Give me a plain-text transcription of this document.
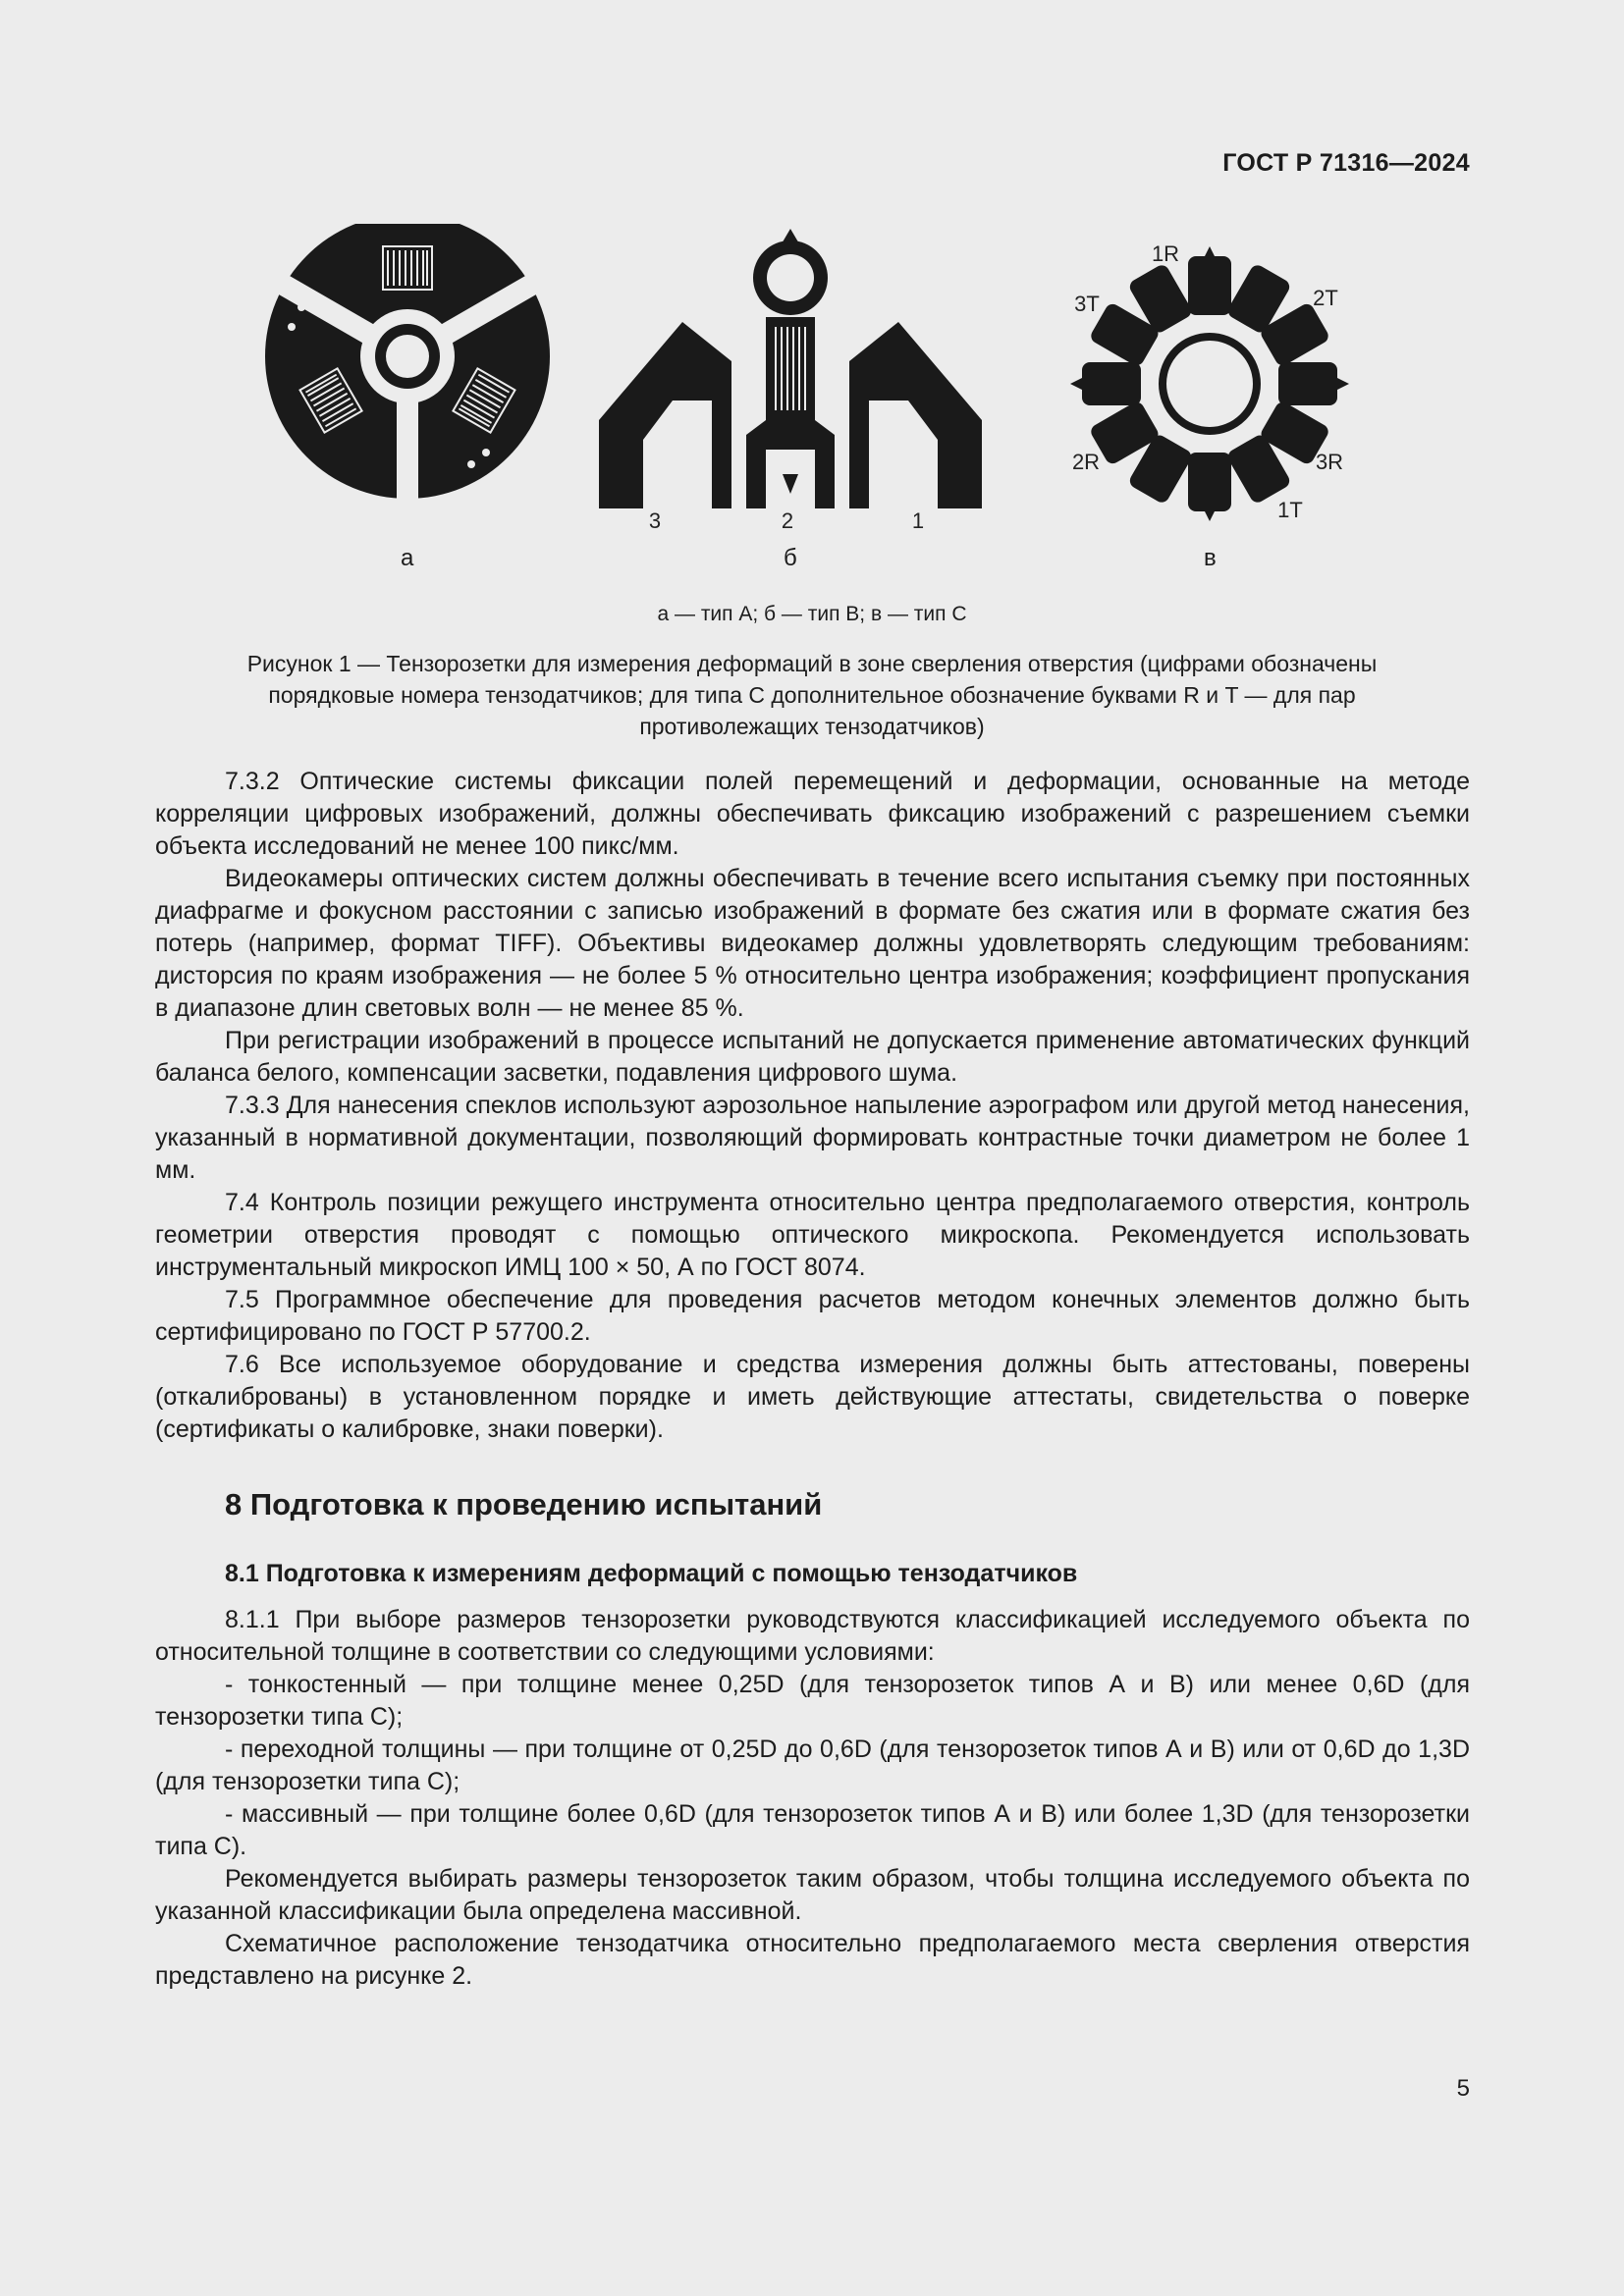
ГОСТ Р 71316—2024
3	2	1
1R
2T
3R
1T
2R
3T
а	б	в
а — тип А; б — тип В; в — тип С
Рисунок 1 — Тензорозетки для измерения деформаций в зоне сверления отверстия (цифрами обозначены порядковые номера тензодатчиков; для типа С дополнительное обозначение буквами R и T — для пар противолежащих тензодатчиков)

7.3.2 Оптические системы фиксации полей перемещений и деформации, основанные на методе корреляции цифровых изображений, должны обеспечивать фиксацию изображений с разрешением съемки объекта исследований не менее 100 пикс/мм.

Видеокамеры оптических систем должны обеспечивать в течение всего испытания съемку при постоянных диафрагме и фокусном расстоянии с записью изображений в формате без сжатия или в формате сжатия без потерь (например, формат TIFF). Объективы видеокамер должны удовлетворять следующим требованиям: дисторсия по краям изображения — не более 5 % относительно центра изображения; коэффициент пропускания в диапазоне длин световых волн — не менее 85 %.

При регистрации изображений в процессе испытаний не допускается применение автоматических функций баланса белого, компенсации засветки, подавления цифрового шума.

7.3.3 Для нанесения спеклов используют аэрозольное напыление аэрографом или другой метод нанесения, указанный в нормативной документации, позволяющий формировать контрастные точки диаметром не более 1 мм.

7.4 Контроль позиции режущего инструмента относительно центра предполагаемого отверстия, контроль геометрии отверстия проводят с помощью оптического микроскопа. Рекомендуется использовать инструментальный микроскоп ИМЦ 100 × 50, А по ГОСТ 8074.

7.5 Программное обеспечение для проведения расчетов методом конечных элементов должно быть сертифицировано по ГОСТ Р 57700.2.

7.6 Все используемое оборудование и средства измерения должны быть аттестованы, поверены (откалиброваны) в установленном порядке и иметь действующие аттестаты, свидетельства о поверке (сертификаты о калибровке, знаки поверки).

8 Подготовка к проведению испытаний
8.1 Подготовка к измерениям деформаций с помощью тензодатчиков

8.1.1 При выборе размеров тензорозетки руководствуются классификацией исследуемого объекта по относительной толщине в соответствии со следующими условиями:

- тонкостенный — при толщине менее 0,25D (для тензорозеток типов А и В) или менее 0,6D (для тензорозетки типа С);

- переходной толщины — при толщине от 0,25D до 0,6D (для тензорозеток типов А и В) или от 0,6D до 1,3D (для тензорозетки типа С);

- массивный — при толщине более 0,6D (для тензорозеток типов А и В) или более 1,3D (для тензорозетки типа С).

Рекомендуется выбирать размеры тензорозеток таким образом, чтобы толщина исследуемого объекта по указанной классификации была определена массивной.

Схематичное расположение тензодатчика относительно предполагаемого места сверления отверстия представлено на рисунке 2.

5
